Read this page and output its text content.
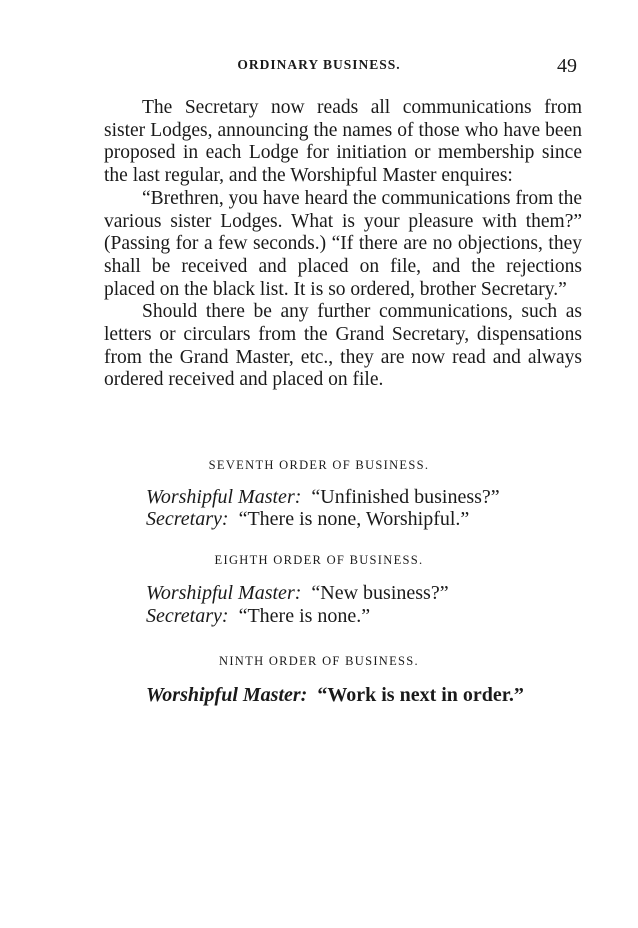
ORDINARY BUSINESS.	49

The Secretary now reads all communications from sister Lodges, announcing the names of those who have been proposed in each Lodge for initiation or membership since the last regular, and the Worshipful Master enquires:

“Brethren, you have heard the communications from the various sister Lodges. What is your pleasure with them?” (Passing for a few seconds.) “If there are no objections, they shall be received and placed on file, and the rejections placed on the black list. It is so ordered, brother Secretary.”

Should there be any further communications, such as letters or circulars from the Grand Secretary, dispensations from the Grand Master, etc., they are now read and always ordered received and placed on file.

SEVENTH ORDER OF BUSINESS.
Worshipful Master: “Unfinished business?”
Secretary: “There is none, Worshipful.”
EIGHTH ORDER OF BUSINESS.
Worshipful Master: “New business?”
Secretary: “There is none.”
NINTH ORDER OF BUSINESS.
Worshipful Master: “Work is next in order.”
